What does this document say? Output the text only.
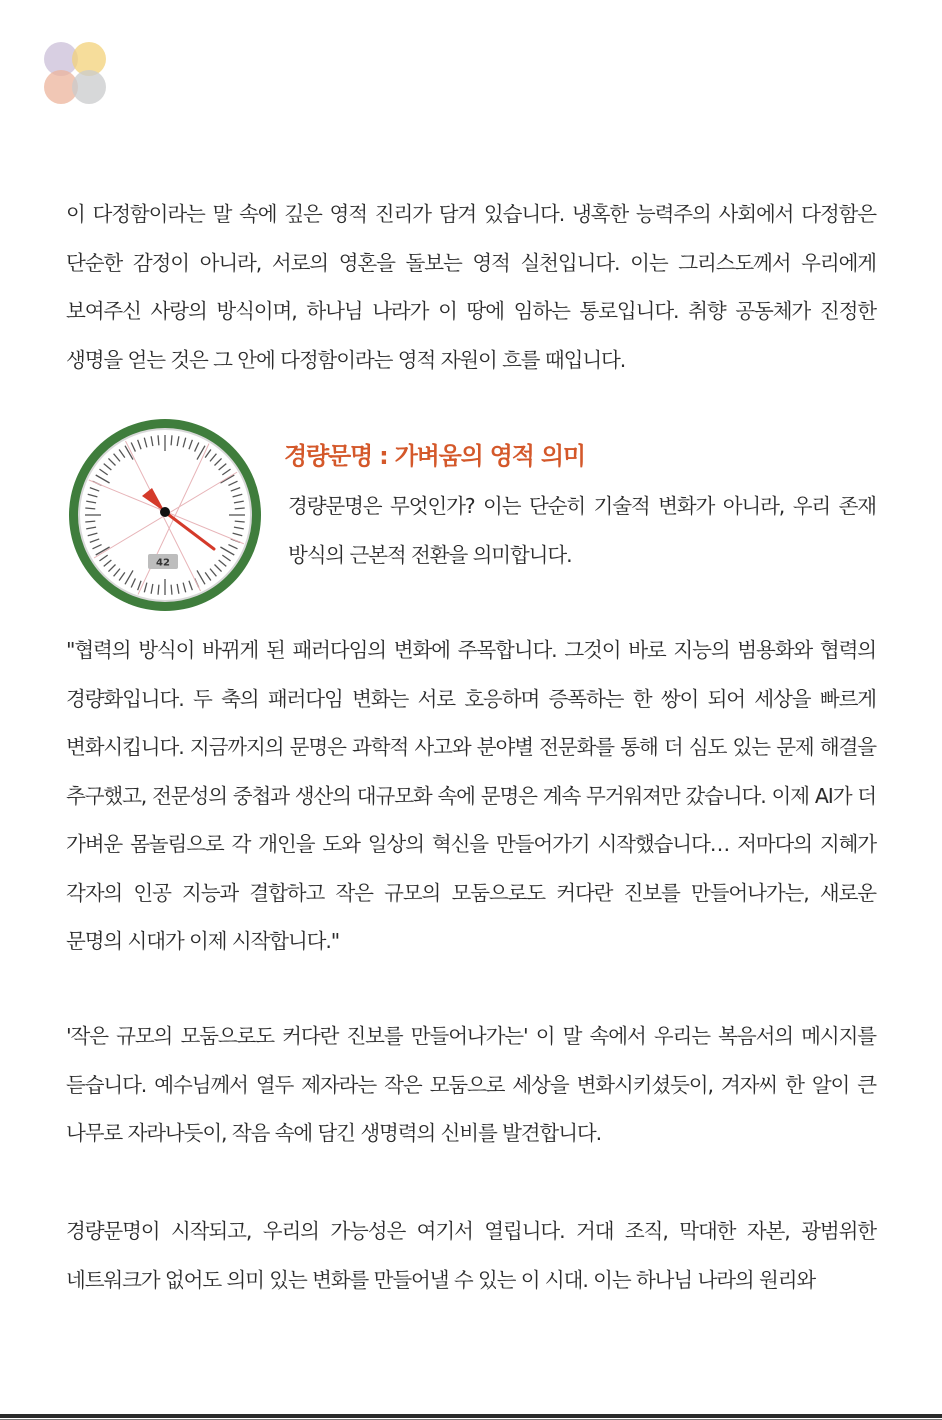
이 다정함이라는 말 속에 깊은 영적 진리가 담겨 있습니다. 냉혹한 능력주의 사회에서 다정함은 단순한 감정이 아니라, 서로의 영혼을 돌보는 영적 실천입니다. 이는 그리스도께서 우리에게 보여주신 사랑의 방식이며, 하나님 나라가 이 땅에 임하는 통로입니다. 취향 공동체가 진정한 생명을 얻는 것은 그 안에 다정함이라는 영적 자원이 흐를 때입니다.

42
경량문명 : 가벼움의 영적 의미

경량문명은 무엇인가? 이는 단순히 기술적 변화가 아니라, 우리 존재 방식의 근본적 전환을 의미합니다.

"협력의 방식이 바뀌게 된 패러다임의 변화에 주목합니다. 그것이 바로 지능의 범용화와 협력의 경량화입니다. 두 축의 패러다임 변화는 서로 호응하며 증폭하는 한 쌍이 되어 세상을 빠르게 변화시킵니다. 지금까지의 문명은 과학적 사고와 분야별 전문화를 통해 더 심도 있는 문제 해결을 추구했고, 전문성의 중첩과 생산의 대규모화 속에 문명은 계속 무거워져만 갔습니다. 이제 AI가 더 가벼운 몸놀림으로 각 개인을 도와 일상의 혁신을 만들어가기 시작했습니다… 저마다의 지혜가 각자의 인공 지능과 결합하고 작은 규모의 모둠으로도 커다란 진보를 만들어나가는, 새로운 문명의 시대가 이제 시작합니다."

'작은 규모의 모둠으로도 커다란 진보를 만들어나가는' 이 말 속에서 우리는 복음서의 메시지를 듣습니다. 예수님께서 열두 제자라는 작은 모둠으로 세상을 변화시키셨듯이, 겨자씨 한 알이 큰 나무로 자라나듯이, 작음 속에 담긴 생명력의 신비를 발견합니다.

경량문명이 시작되고, 우리의 가능성은 여기서 열립니다. 거대 조직, 막대한 자본, 광범위한 네트워크가 없어도 의미 있는 변화를 만들어낼 수 있는 이 시대. 이는 하나님 나라의 원리와
